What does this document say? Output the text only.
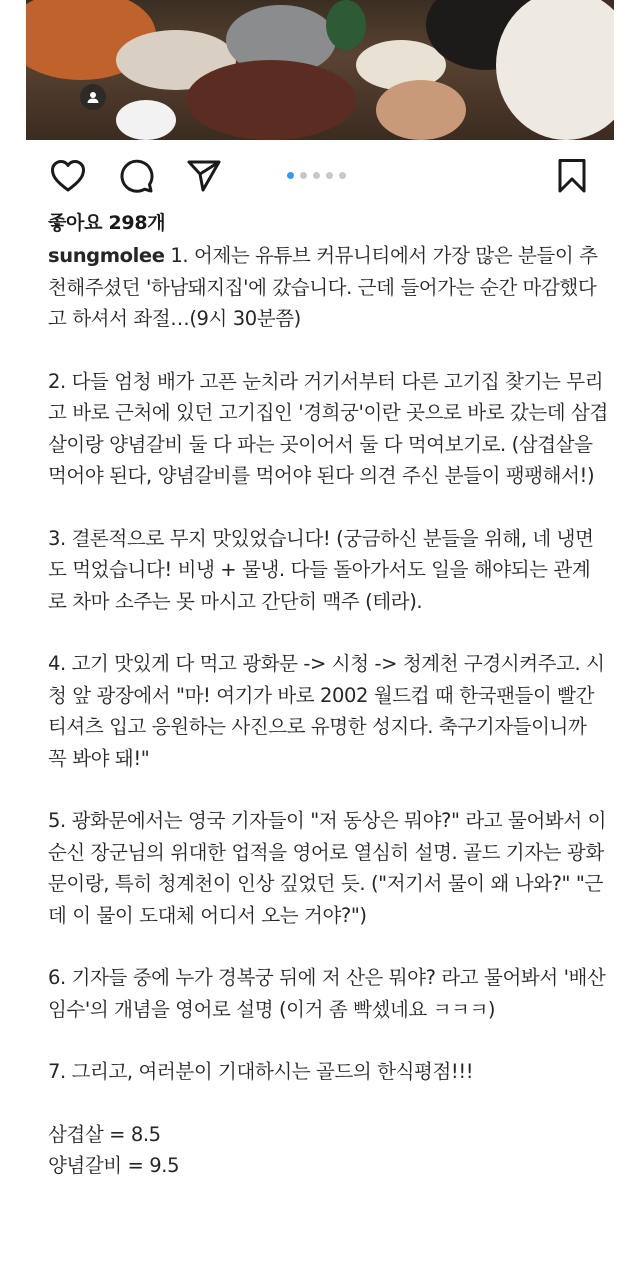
좋아요 298개

sungmolee 1. 어제는 유튜브 커뮤니티에서 가장 많은 분들이 추천해주셨던 '하남돼지집'에 갔습니다. 근데 들어가는 순간 마감했다고 하셔서 좌절…(9시 30분쯤)

2. 다들 엄청 배가 고픈 눈치라 거기서부터 다른 고기집 찾기는 무리고 바로 근처에 있던 고기집인 '경희궁'이란 곳으로 바로 갔는데 삼겹살이랑 양념갈비 둘 다 파는 곳이어서 둘 다 먹여보기로. (삼겹살을 먹어야 된다, 양념갈비를 먹어야 된다 의견 주신 분들이 팽팽해서!)

3. 결론적으로 무지 맛있었습니다! (궁금하신 분들을 위해, 네 냉면도 먹었습니다! 비냉 + 물냉. 다들 돌아가서도 일을 해야되는 관계로 차마 소주는 못 마시고 간단히 맥주 (테라).

4. 고기 맛있게 다 먹고 광화문 -> 시청 -> 청계천 구경시켜주고. 시청 앞 광장에서 "마! 여기가 바로 2002 월드컵 때 한국팬들이 빨간티셔츠 입고 응원하는 사진으로 유명한 성지다. 축구기자들이니까 꼭 봐야 돼!"

5. 광화문에서는 영국 기자들이 "저 동상은 뭐야?" 라고 물어봐서 이순신 장군님의 위대한 업적을 영어로 열심히 설명. 골드 기자는 광화문이랑, 특히 청계천이 인상 깊었던 듯. ("저기서 물이 왜 나와?" "근데 이 물이 도대체 어디서 오는 거야?")

6. 기자들 중에 누가 경복궁 뒤에 저 산은 뭐야? 라고 물어봐서 '배산임수'의 개념을 영어로 설명 (이거 좀 빡셌네요 ㅋㅋㅋ)

7. 그리고, 여러분이 기대하시는 골드의 한식평점!!!

삼겹살 = 8.5
양념갈비 = 9.5
